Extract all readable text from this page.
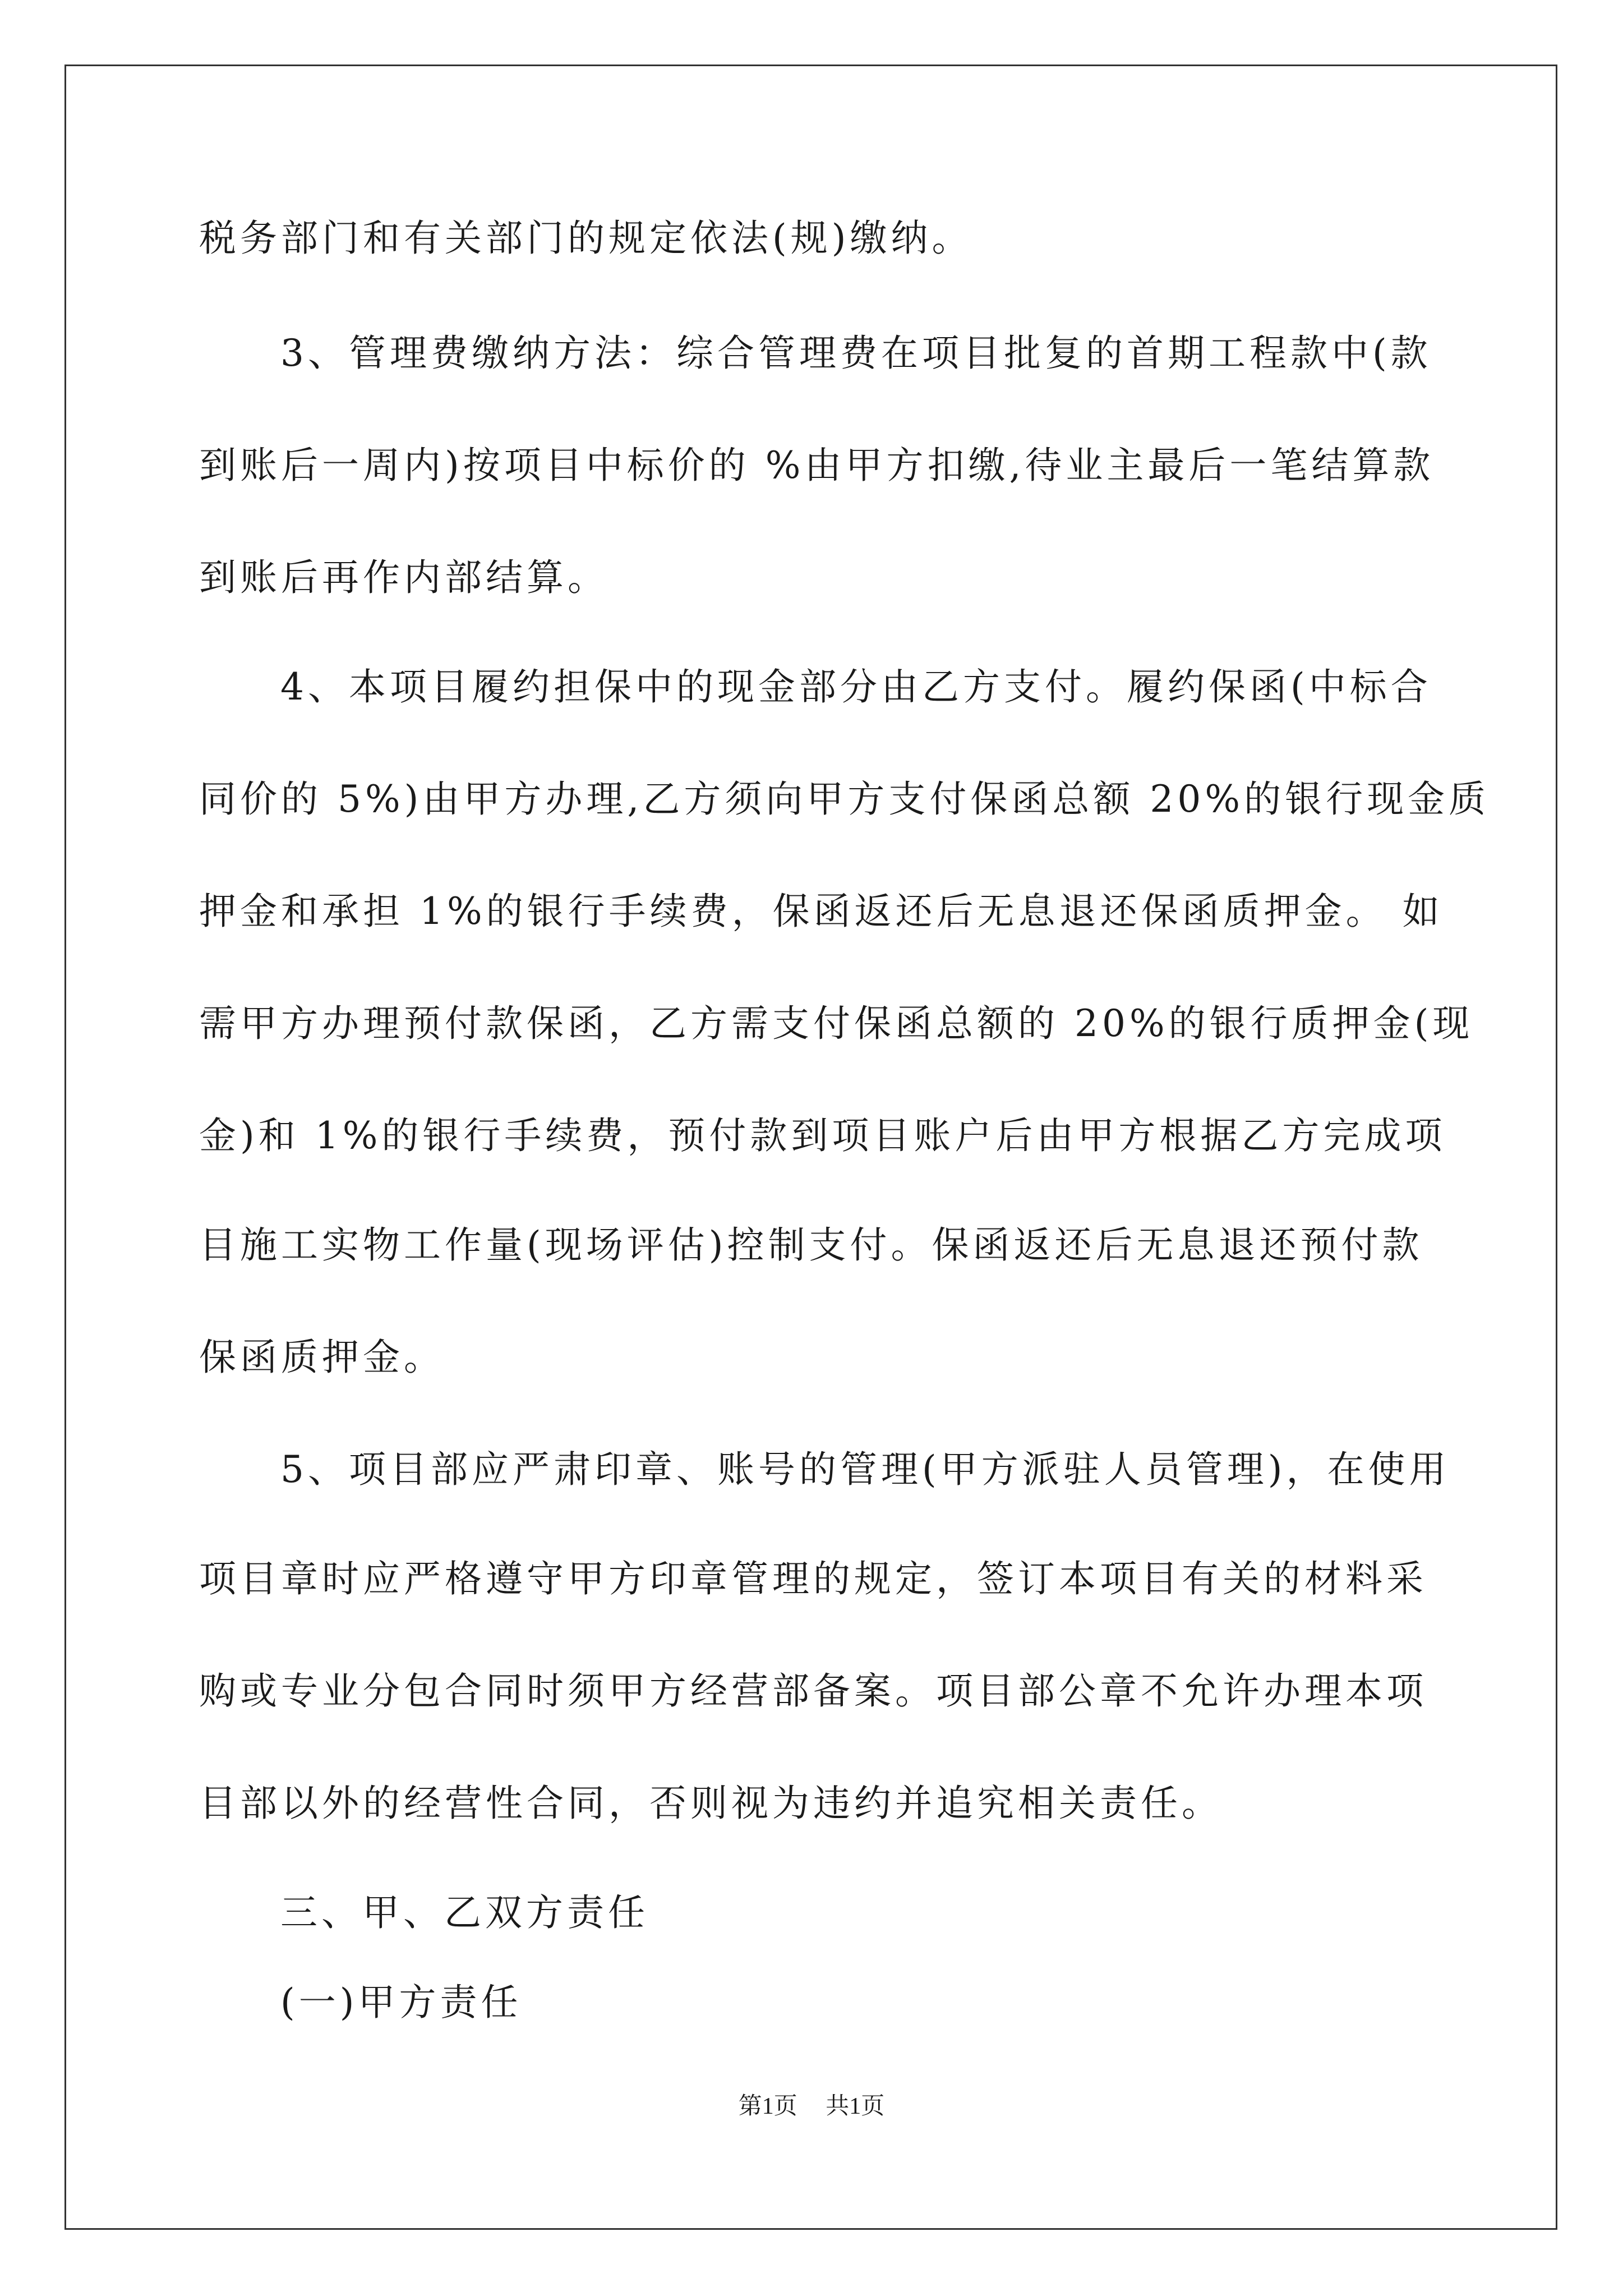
税务部门和有关部门的规定依法(规)缴纳。
3、管理费缴纳方法：综合管理费在项目批复的首期工程款中(款
到账后一周内)按项目中标价的 %由甲方扣缴,待业主最后一笔结算款
到账后再作内部结算。
4、本项目履约担保中的现金部分由乙方支付。履约保函(中标合
同价的 5%)由甲方办理,乙方须向甲方支付保函总额 20%的银行现金质
押金和承担 1%的银行手续费，保函返还后无息退还保函质押金。 如
需甲方办理预付款保函，乙方需支付保函总额的 20%的银行质押金(现
金)和 1%的银行手续费，预付款到项目账户后由甲方根据乙方完成项
目施工实物工作量(现场评估)控制支付。保函返还后无息退还预付款
保函质押金。
5、项目部应严肃印章、账号的管理(甲方派驻人员管理)，在使用
项目章时应严格遵守甲方印章管理的规定，签订本项目有关的材料采
购或专业分包合同时须甲方经营部备案。项目部公章不允许办理本项
目部以外的经营性合同，否则视为违约并追究相关责任。
三、甲、乙双方责任
(一)甲方责任
第1页 共1页
